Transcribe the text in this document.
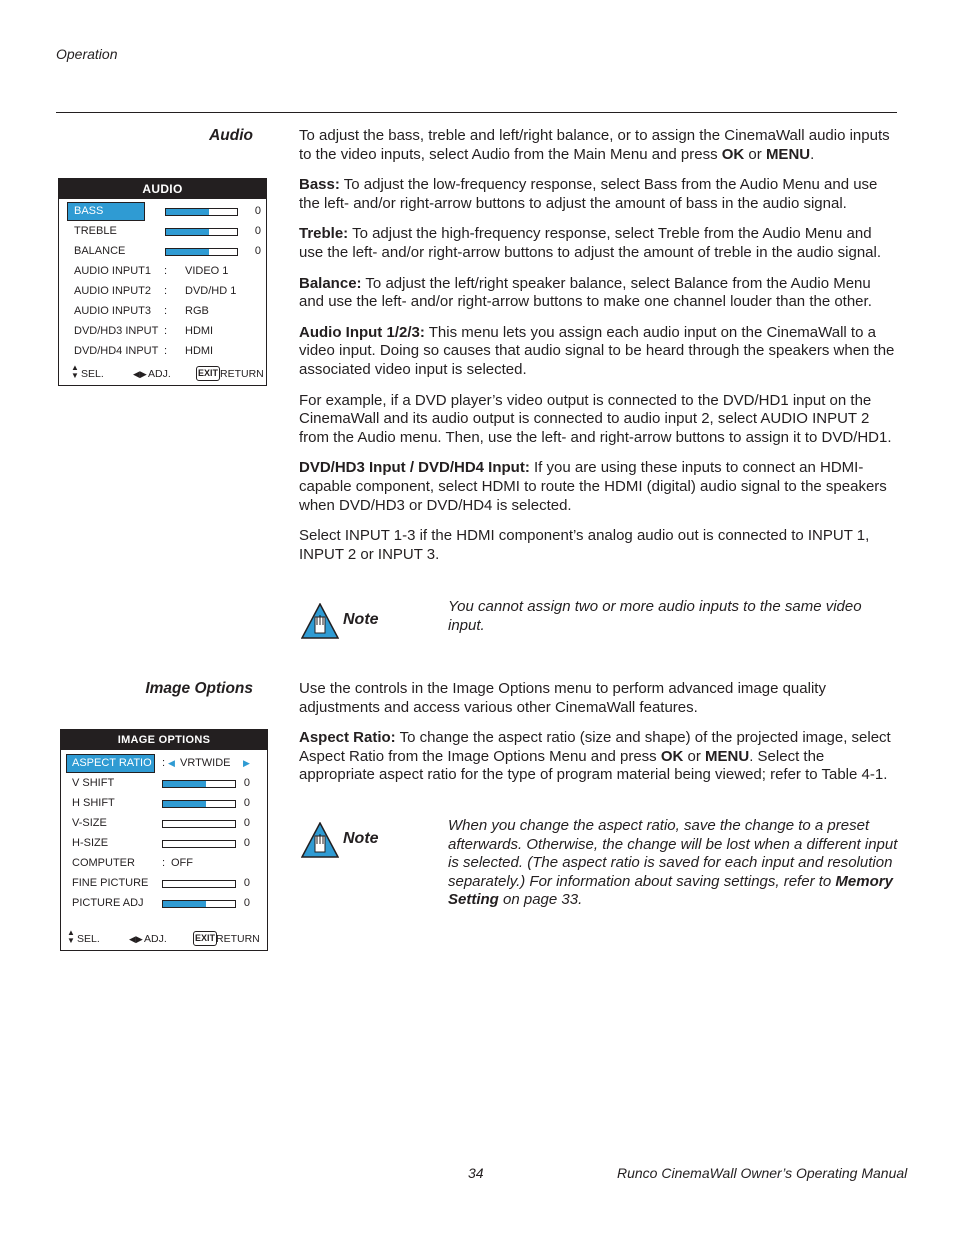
Operation
Audio	To adjust the bass, treble and left/right balance, or to assign the CinemaWall audio inputs to the video inputs, select Audio from the Main Menu and press OK or MENU.

Bass: To adjust the low-frequency response, select Bass from the Audio Menu and use the left- and/or right-arrow buttons to adjust the amount of bass in the audio signal.

Treble: To adjust the high-frequency response, select Treble from the Audio Menu and use the left- and/or right-arrow buttons to adjust the amount of treble in the audio signal.

Balance: To adjust the left/right speaker balance, select Balance from the Audio Menu and use the left- and/or right-arrow buttons to make one channel louder than the other.

Audio Input 1/2/3: This menu lets you assign each audio input on the CinemaWall to a video input. Doing so causes that audio signal to be heard through the speakers when the associated video input is selected.

For example, if a DVD player’s video output is connected to the DVD/HD1 input on the CinemaWall and its audio output is connected to audio input 2, select AUDIO INPUT 2 from the Audio menu. Then, use the left- and right-arrow buttons to assign it to DVD/HD1.

DVD/HD3 Input / DVD/HD4 Input: If you are using these inputs to connect an HDMI-capable component, select HDMI to route the HDMI (digital) audio signal to the speakers when DVD/HD3 or DVD/HD4 is selected.

Select INPUT 1-3 if the HDMI component’s analog audio out is connected to INPUT 1, INPUT 2 or INPUT 3.

AUDIO
BASS	0
TREBLE	0
BALANCE	0
AUDIO INPUT1 : VIDEO 1
AUDIO INPUT2 : DVD/HD 1
AUDIO INPUT3 : RGB
DVD/HD3 INPUT : HDMI
DVD/HD4 INPUT : HDMI
▲
▼ SEL.	◀▶ ADJ.	EXIT RETURN
Note
You cannot assign two or more audio inputs to the same video input.
Image Options	Use the controls in the Image Options menu to perform advanced image quality adjustments and access various other CinemaWall features.

Aspect Ratio: To change the aspect ratio (size and shape) of the projected image, select Aspect Ratio from the Image Options Menu and press OK or MENU. Select the appropriate aspect ratio for the type of program material being viewed; refer to Table 4-1.

IMAGE OPTIONS
ASPECT RATIO : ◀ VRTWIDE ▶
V SHIFT	0
H SHIFT	0
V-SIZE	0
H-SIZE	0
COMPUTER : OFF
FINE PICTURE	0
PICTURE ADJ	0
▲
▼ SEL.	◀▶ ADJ.	EXIT RETURN
Note
When you change the aspect ratio, save the change to a preset afterwards. Otherwise, the change will be lost when a different input is selected. (The aspect ratio is saved for each input and resolution separately.) For information about saving settings, refer to Memory Setting on page 33.
34	Runco CinemaWall Owner’s Operating Manual
